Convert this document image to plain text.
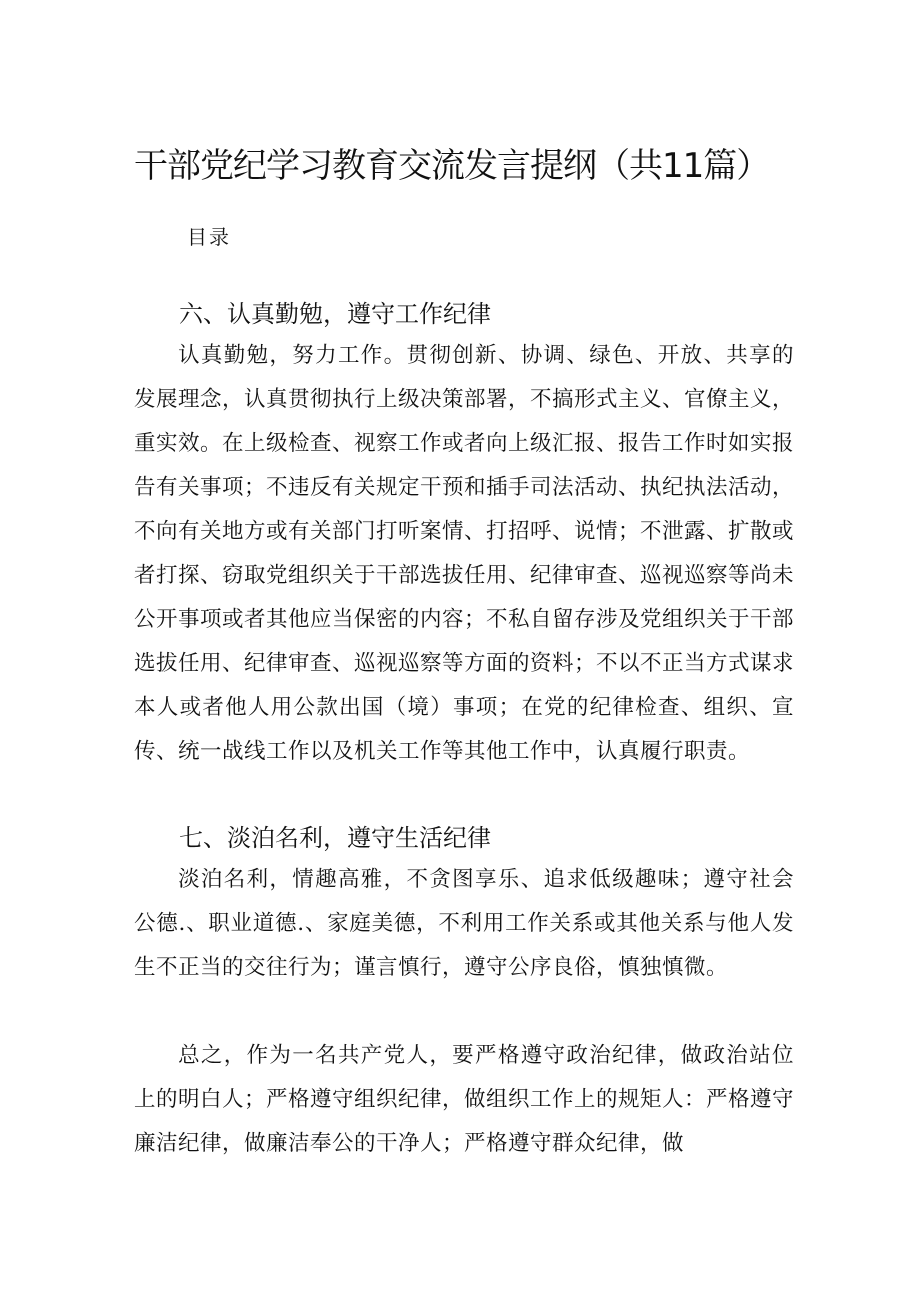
干部党纪学习教育交流发言提纲（共11篇）
目录
六、认真勤勉，遵守工作纪律

认真勤勉，努力工作。贯彻创新、协调、绿色、开放、共享的发展理念，认真贯彻执行上级决策部署，不搞形式主义、官僚主义，重实效。在上级检查、视察工作或者向上级汇报、报告工作时如实报告有关事项；不违反有关规定干预和插手司法活动、执纪执法活动，不向有关地方或有关部门打听案情、打招呼、说情；不泄露、扩散或者打探、窃取党组织关于干部选拔任用、纪律审查、巡视巡察等尚未公开事项或者其他应当保密的内容；不私自留存涉及党组织关于干部选拔任用、纪律审查、巡视巡察等方面的资料；不以不正当方式谋求本人或者他人用公款出国（境）事项；在党的纪律检查、组织、宣传、统一战线工作以及机关工作等其他工作中，认真履行职责。

七、淡泊名利，遵守生活纪律

淡泊名利，情趣高雅，不贪图享乐、追求低级趣味；遵守社会公德.、职业道德.、家庭美德，不利用工作关系或其他关系与他人发生不正当的交往行为；谨言慎行，遵守公序良俗，慎独慎微。

总之，作为一名共产党人，要严格遵守政治纪律，做政治站位上的明白人；严格遵守组织纪律，做组织工作上的规矩人：严格遵守廉洁纪律，做廉洁奉公的干净人；严格遵守群众纪律，做
